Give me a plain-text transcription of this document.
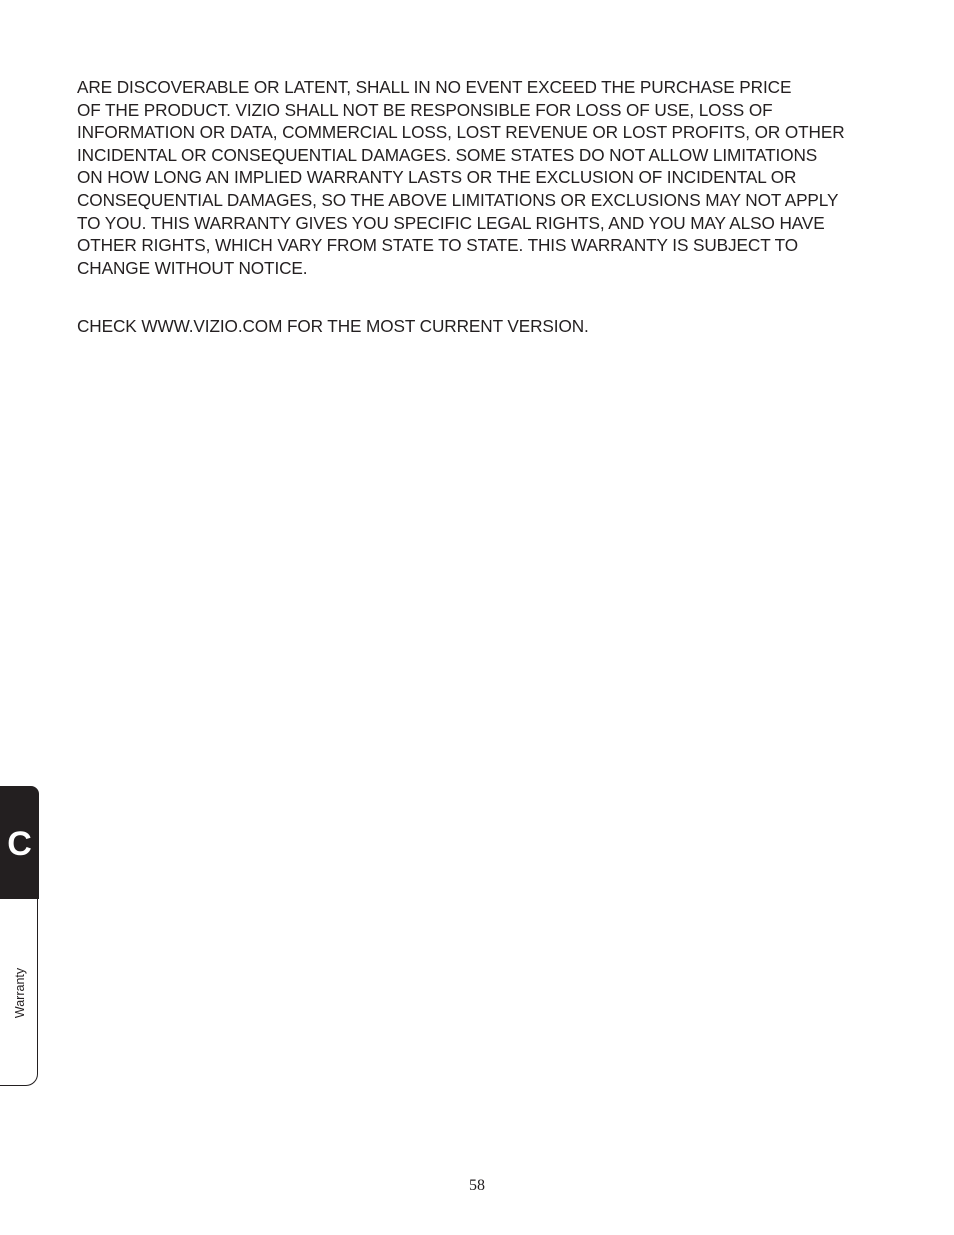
ARE DISCOVERABLE OR LATENT, SHALL IN NO EVENT EXCEED THE PURCHASE PRICE
OF THE PRODUCT. VIZIO SHALL NOT BE RESPONSIBLE FOR LOSS OF USE, LOSS OF
INFORMATION OR DATA, COMMERCIAL LOSS, LOST REVENUE OR LOST PROFITS, OR OTHER
INCIDENTAL OR CONSEQUENTIAL DAMAGES. SOME STATES DO NOT ALLOW LIMITATIONS
ON HOW LONG AN IMPLIED WARRANTY LASTS OR THE EXCLUSION OF INCIDENTAL OR
CONSEQUENTIAL DAMAGES, SO THE ABOVE LIMITATIONS OR EXCLUSIONS MAY NOT APPLY
TO YOU. THIS WARRANTY GIVES YOU SPECIFIC LEGAL RIGHTS, AND YOU MAY ALSO HAVE
OTHER RIGHTS, WHICH VARY FROM STATE TO STATE. THIS WARRANTY IS SUBJECT TO
CHANGE WITHOUT NOTICE.

CHECK WWW.VIZIO.COM FOR THE MOST CURRENT VERSION.

C
Warranty
58
